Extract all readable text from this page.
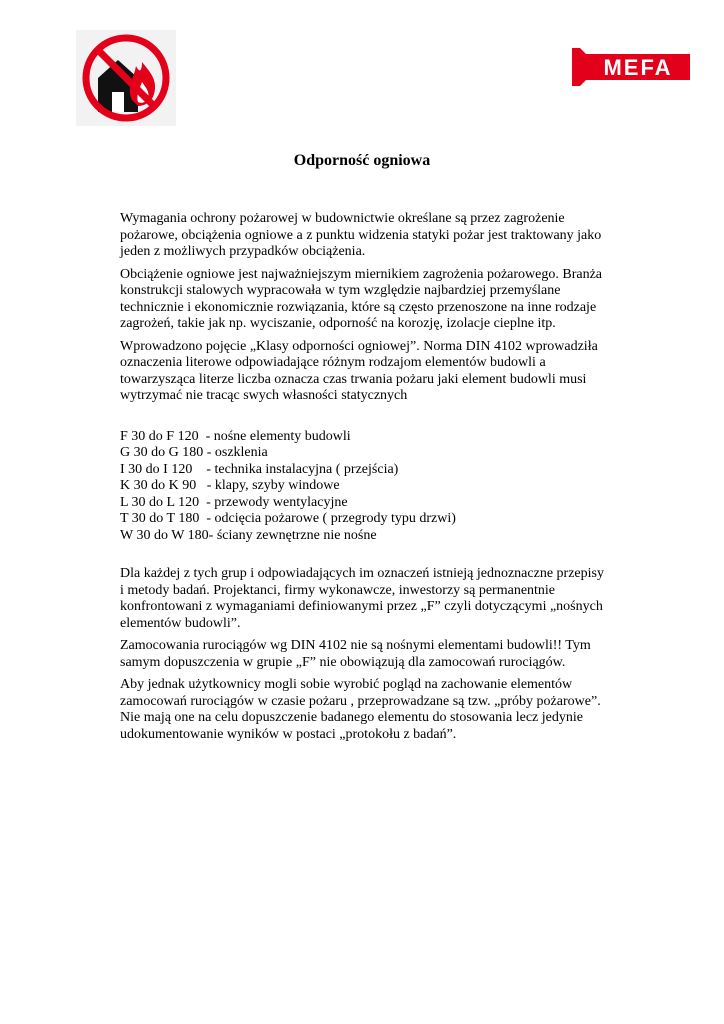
MEFA
Odporność ogniowa

Wymagania ochrony pożarowej w budownictwie określane są przez zagrożenie pożarowe, obciążenia ogniowe a z punktu widzenia statyki pożar jest traktowany jako jeden z możliwych przypadków obciążenia.

Obciążenie ogniowe jest najważniejszym miernikiem zagrożenia pożarowego. Branża konstrukcji stalowych wypracowała w tym względzie najbardziej przemyślane technicznie i ekonomicznie rozwiązania, które są często przenoszone na inne rodzaje zagrożeń, takie jak np. wyciszanie, odporność na korozję, izolacje cieplne itp.

Wprowadzono pojęcie „Klasy odporności ogniowej”. Norma DIN 4102 wprowadziła oznaczenia literowe odpowiadające różnym rodzajom elementów budowli a towarzysząca literze liczba oznacza czas trwania pożaru jaki element budowli musi wytrzymać nie tracąc swych własności statycznych

F 30 do F 120  - nośne elementy budowli
G 30 do G 180 - oszklenia
I 30 do I 120    - technika instalacyjna ( przejścia)
K 30 do K 90   - klapy, szyby windowe
L 30 do L 120  - przewody wentylacyjne
T 30 do T 180  - odcięcia pożarowe ( przegrody typu drzwi)
W 30 do W 180- ściany zewnętrzne nie nośne

Dla każdej z tych grup i odpowiadających im oznaczeń istnieją jednoznaczne przepisy i metody badań. Projektanci, firmy wykonawcze, inwestorzy są permanentnie konfrontowani z wymaganiami definiowanymi przez „F” czyli dotyczącymi „nośnych elementów budowli”.

Zamocowania rurociągów wg DIN 4102 nie są nośnymi elementami budowli!! Tym samym dopuszczenia w grupie „F” nie obowiązują dla zamocowań rurociągów.

Aby jednak użytkownicy mogli sobie wyrobić pogląd na zachowanie elementów zamocowań rurociągów w czasie pożaru , przeprowadzane są tzw. „próby pożarowe”. Nie mają one na celu dopuszczenie badanego elementu do stosowania lecz jedynie udokumentowanie wyników w postaci „protokołu z badań”.
